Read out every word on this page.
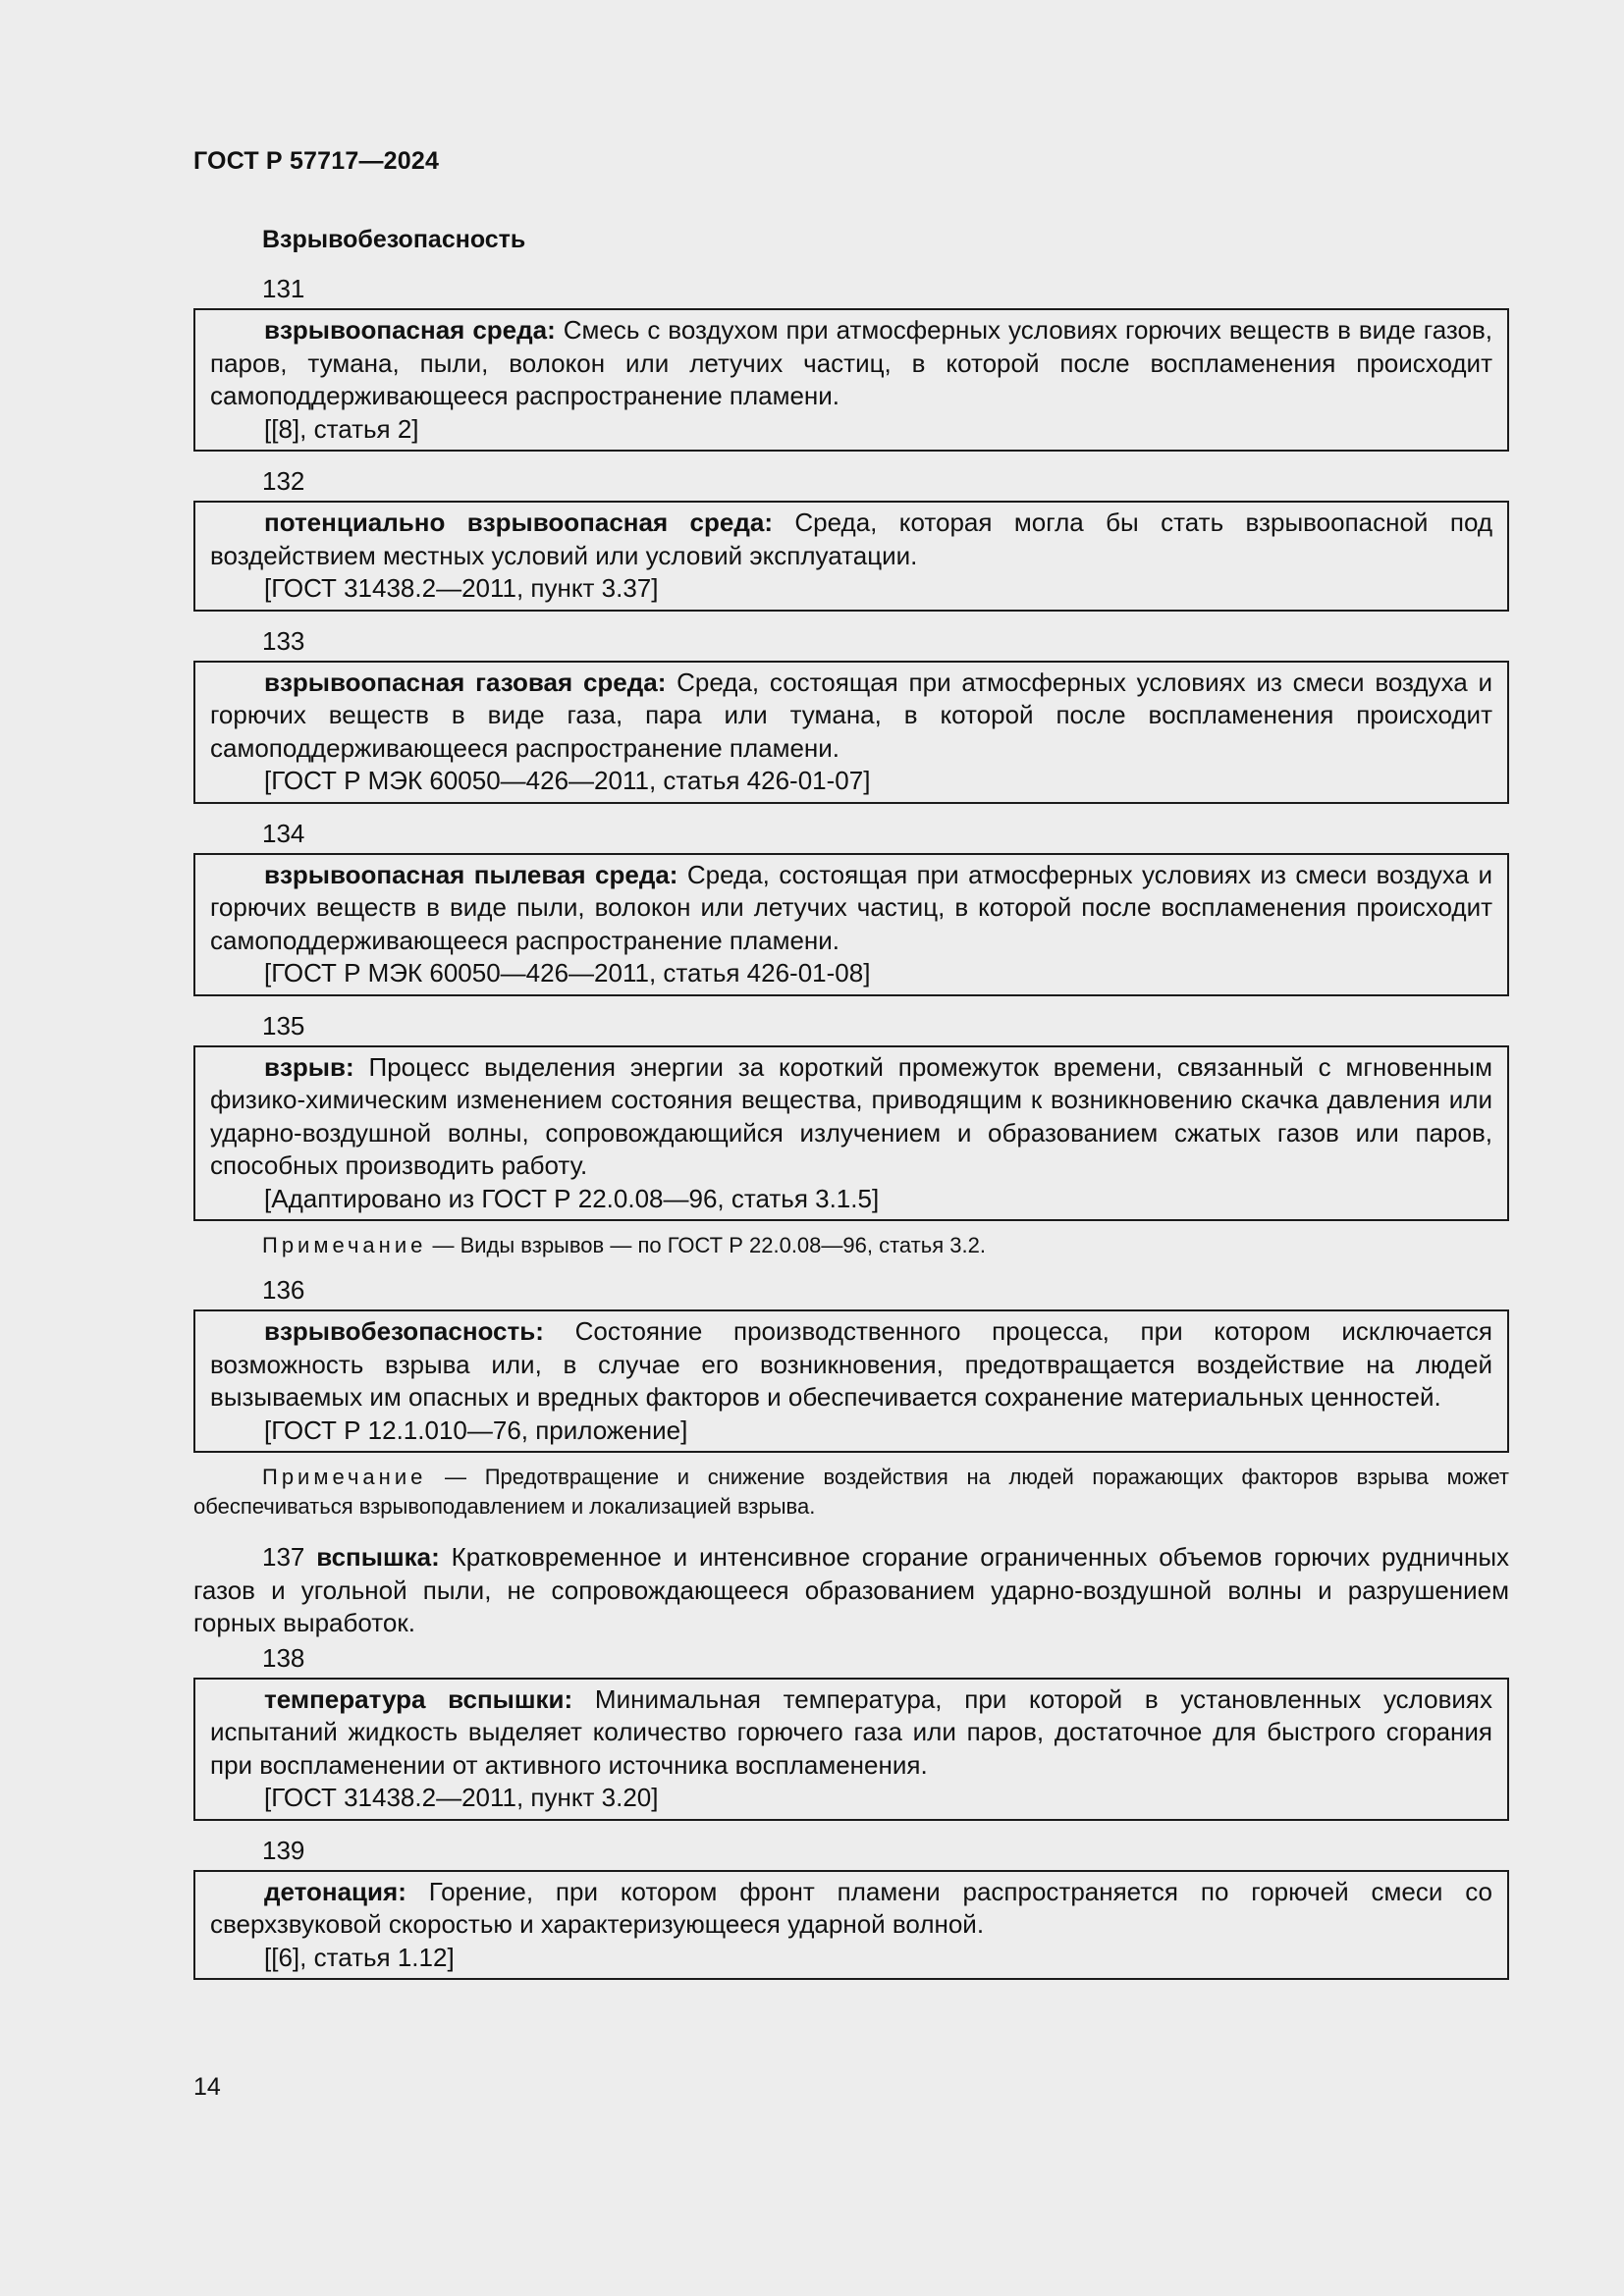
ГОСТ Р 57717—2024
Взрывобезопасность
131

взрывоопасная среда: Смесь с воздухом при атмосферных условиях горючих веществ в виде газов, паров, тумана, пыли, волокон или летучих частиц, в которой после воспламенения происходит самоподдерживающееся распространение пламени.

[[8], статья 2]

132

потенциально взрывоопасная среда: Среда, которая могла бы стать взрывоопасной под воздействием местных условий или условий эксплуатации.

[ГОСТ 31438.2—2011, пункт 3.37]

133

взрывоопасная газовая среда: Среда, состоящая при атмосферных условиях из смеси воздуха и горючих веществ в виде газа, пара или тумана, в которой после воспламенения происходит самоподдерживающееся распространение пламени.

[ГОСТ Р МЭК 60050—426—2011, статья 426-01-07]

134

взрывоопасная пылевая среда: Среда, состоящая при атмосферных условиях из смеси воздуха и горючих веществ в виде пыли, волокон или летучих частиц, в которой после воспламенения происходит самоподдерживающееся распространение пламени.

[ГОСТ Р МЭК 60050—426—2011, статья 426-01-08]

135

взрыв: Процесс выделения энергии за короткий промежуток времени, связанный с мгновенным физико-химическим изменением состояния вещества, приводящим к возникновению скачка давления или ударно-воздушной волны, сопровождающийся излучением и образованием сжатых газов или паров, способных производить работу.

[Адаптировано из ГОСТ Р 22.0.08—96, статья 3.1.5]

Примечание — Виды взрывов — по ГОСТ Р 22.0.08—96, статья 3.2.
136

взрывобезопасность: Состояние производственного процесса, при котором исключается возможность взрыва или, в случае его возникновения, предотвращается воздействие на людей вызываемых им опасных и вредных факторов и обеспечивается сохранение материальных ценностей.

[ГОСТ Р 12.1.010—76, приложение]

Примечание — Предотвращение и снижение воздействия на людей поражающих факторов взрыва может обеспечиваться взрывоподавлением и локализацией взрыва.
137 вспышка: Кратковременное и интенсивное сгорание ограниченных объемов горючих рудничных газов и угольной пыли, не сопровождающееся образованием ударно-воздушной волны и разрушением горных выработок.
138

температура вспышки: Минимальная температура, при которой в установленных условиях испытаний жидкость выделяет количество горючего газа или паров, достаточное для быстрого сгорания при воспламенении от активного источника воспламенения.

[ГОСТ 31438.2—2011, пункт 3.20]

139

детонация: Горение, при котором фронт пламени распространяется по горючей смеси со сверхзвуковой скоростью и характеризующееся ударной волной.

[[6], статья 1.12]

14
